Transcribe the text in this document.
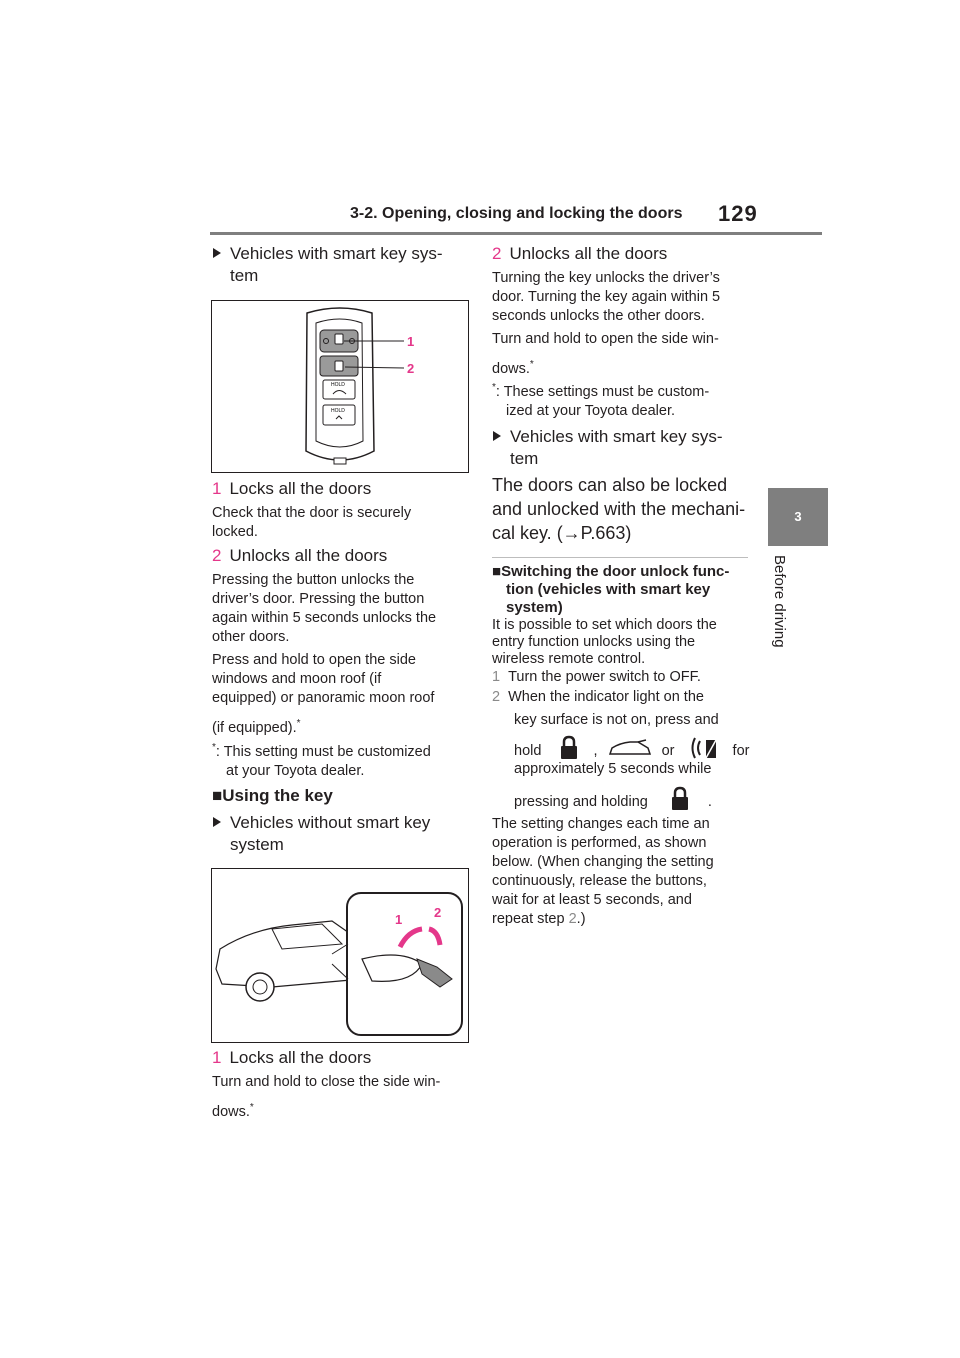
3-2. Opening, closing and locking the doors 129
3
Before driving
Vehicles with smart key sys-
tem
HOLD
HOLD
1
2
1 Locks all the doors
Check that the door is securely
locked.
2 Unlocks all the doors
Pressing the button unlocks the
driver’s door. Pressing the button
again within 5 seconds unlocks the
other doors.
Press and hold to open the side
windows and moon roof (if
equipped) or panoramic moon roof
(if equipped).*
*: This setting must be customized
at your Toyota dealer.
■Using the key
Vehicles without smart key
system
1 2
1 Locks all the doors
Turn and hold to close the side win-
dows.*
2 Unlocks all the doors
Turning the key unlocks the driver’s
door. Turning the key again within 5
seconds unlocks the other doors.
Turn and hold to open the side win-
dows.*
*: These settings must be custom-
ized at your Toyota dealer.
Vehicles with smart key sys-
tem
The doors can also be locked
and unlocked with the mechani-
cal key. (→P.663)
■Switching the door unlock func-
tion (vehicles with smart key
system)
It is possible to set which doors the
entry function unlocks using the
wireless remote control.
1 Turn the power switch to OFF.
2 When the indicator light on the
key surface is not on, press and
hold	,	or	for
approximately 5 seconds while
pressing and holding	.
The setting changes each time an
operation is performed, as shown
below. (When changing the setting
continuously, release the buttons,
wait for at least 5 seconds, and
repeat step 2.)
